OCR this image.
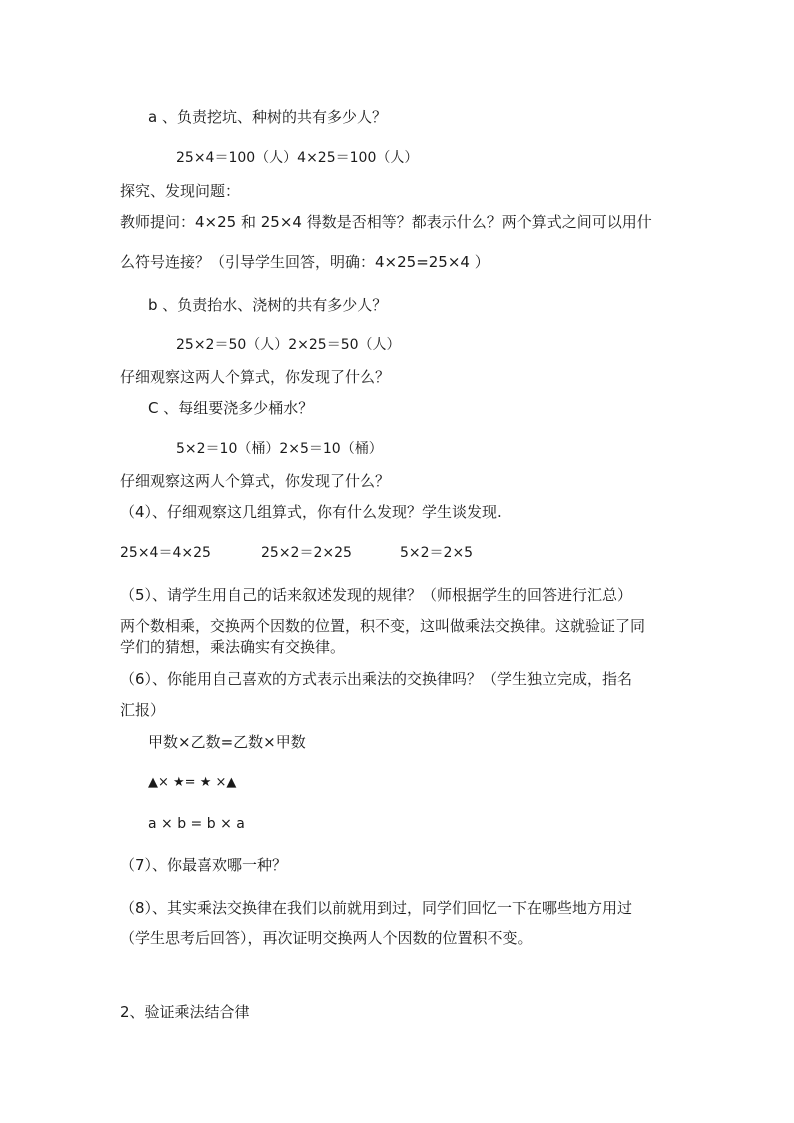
a 、负责挖坑、种树的共有多少人？
25×4＝100（人）4×25＝100（人）
探究、发现问题：
教师提问：4×25 和 25×4 得数是否相等？都表示什么？两个算式之间可以用什
么符号连接？（引导学生回答，明确：4×25=25×4 ）
b 、负责抬水、浇树的共有多少人？
25×2＝50（人）2×25＝50（人）
仔细观察这两人个算式，你发现了什么？
C 、每组要浇多少桶水？
5×2＝10（桶）2×5＝10（桶）
仔细观察这两人个算式，你发现了什么？
（4）、仔细观察这几组算式，你有什么发现？学生谈发现.
25×4＝4×25	25×2＝2×25	5×2＝2×5
（5）、请学生用自己的话来叙述发现的规律？（师根据学生的回答进行汇总）
两个数相乘，交换两个因数的位置，积不变，这叫做乘法交换律。这就验证了同
学们的猜想，乘法确实有交换律。
（6）、你能用自己喜欢的方式表示出乘法的交换律吗？（学生独立完成，指名
汇报）
甲数×乙数=乙数×甲数
▲× ★= ★ ×▲
a × b = b × a
（7）、你最喜欢哪一种？
（8）、其实乘法交换律在我们以前就用到过，同学们回忆一下在哪些地方用过
（学生思考后回答），再次证明交换两人个因数的位置积不变。
2、验证乘法结合律
